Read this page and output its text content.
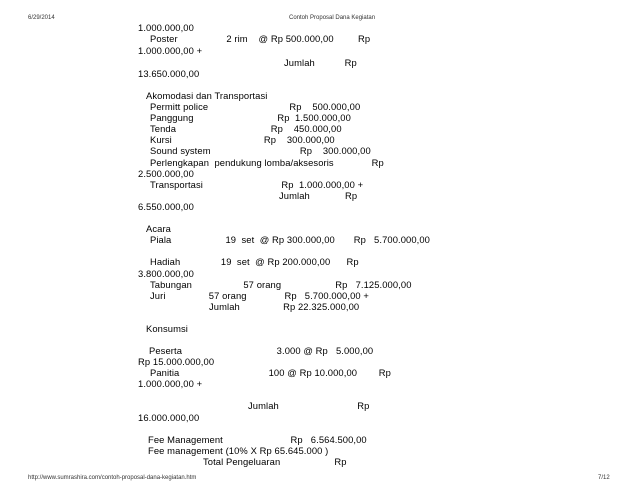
6/29/2014	Contoh Proposal Dana Kegiatan
1.000.000,00
Poster                  2 rim    @ Rp 500.000,00         Rp
1.000.000,00 +
Jumlah           Rp
13.650.000,00
Akomodasi dan Transportasi
Permitt police                              Rp    500.000,00
Panggung                               Rp  1.500.000,00
Tenda                                   Rp    450.000,00
Kursi                                  Rp    300.000,00
Sound system                                 Rp    300.000,00
Perlengkapan  pendukung lomba/aksesoris              Rp
2.500.000,00
Transportasi                             Rp  1.000.000,00 +
Jumlah             Rp
6.550.000,00
Acara
Piala                    19  set  @ Rp 300.000,00       Rp   5.700.000,00
Hadiah               19  set  @ Rp 200.000,00      Rp
3.800.000,00
Tabungan                   57 orang                    Rp   7.125.000,00
Juri                57 orang              Rp   5.700.000,00 +
Jumlah                Rp 22.325.000,00
Konsumsi
Peserta                                   3.000 @ Rp   5.000,00
Rp 15.000.000,00
Panitia                                 100 @ Rp 10.000,00        Rp
1.000.000,00 +
Jumlah                             Rp
16.000.000,00
Fee Management                         Rp   6.564.500,00
Fee management (10% X Rp 65.645.000 )
Total Pengeluaran                    Rp
http://www.sumrashira.com/contoh-proposal-dana-kegiatan.htm	7/12
